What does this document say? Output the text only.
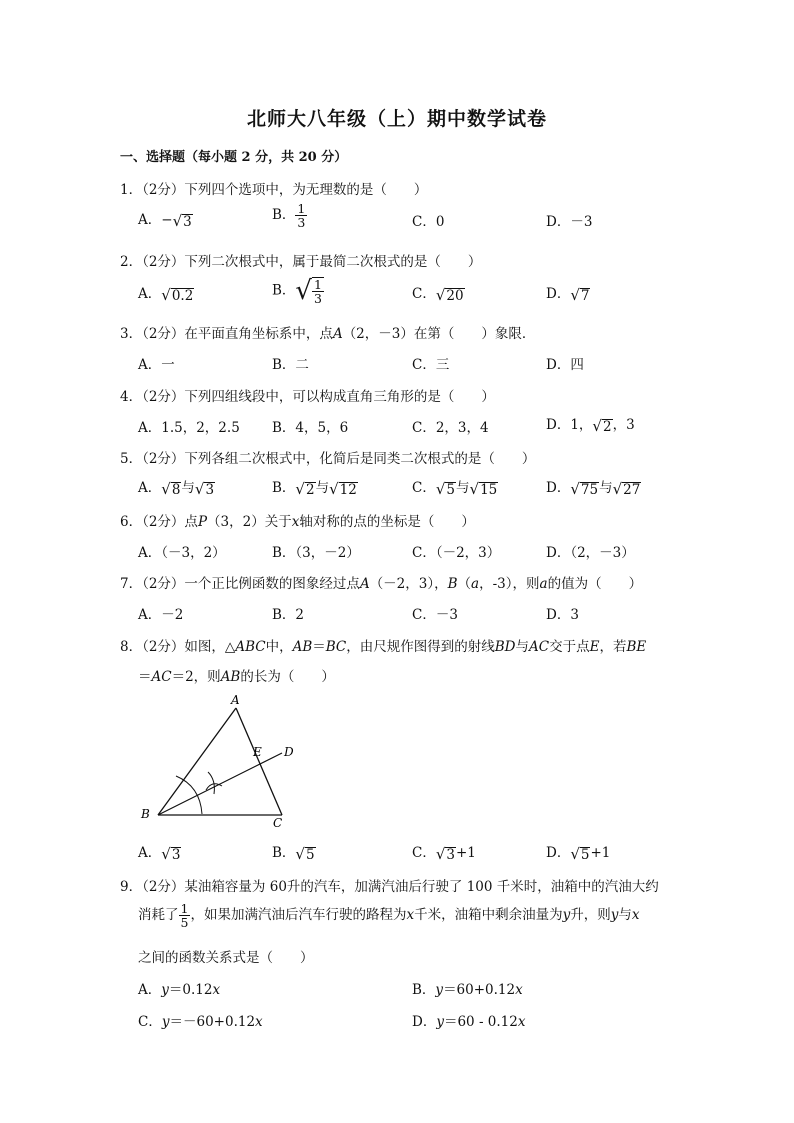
北师大八年级（上）期中数学试卷
一、选择题（每小题 2 分，共 20 分）
1．（2分）下列四个选项中，为无理数的是（　　）
A．−√3	B． $\frac{1}{3}$	C．0	D．－3
2．（2分）下列二次根式中，属于最简二次根式的是（　　）
A．√0.2	B．√ $\frac{1}{3}$	C．√20	D．√7
3．（2分）在平面直角坐标系中，点A（2，－3）在第（　　）象限．
A．一	B．二	C．三	D．四
4．（2分）下列四组线段中，可以构成直角三角形的是（　　）
A．1.5，2，2.5 B．4，5，6	C．2，3，4	D．1，√2，3
5．（2分）下列各组二次根式中，化简后是同类二次根式的是（　　）
A．√8与√3	B．√2与√12	C．√5与√15	D．√75与√27
6．（2分）点P（3，2）关于x轴对称的点的坐标是（　　）
A．（－3，2）	B．（3，－2）	C．（－2，3）	D．（2，－3）
7．（2分）一个正比例函数的图象经过点A（－2，3），B（a，-3），则a的值为（　　）
A．－2	B．2	C．－3	D．3
8．（2分）如图，△ABC中，AB＝BC，由尺规作图得到的射线BD与AC交于点E，若BE
＝AC＝2，则AB的长为（　　）
A
B
C
D
E
A．√3	B．√5	C．√3+1	D．√5+1
9．（2分）某油箱容量为 60升的汽车，加满汽油后行驶了 100 千米时，油箱中的汽油大约
消耗了 $\frac{1}{5}$ ，如果加满汽油后汽车行驶的路程为x千米，油箱中剩余油量为y升，则y与x
之间的函数关系式是（　　）
A．y＝0.12x	B．y＝60+0.12x
C．y＝－60+0.12x	D．y＝60 - 0.12x
